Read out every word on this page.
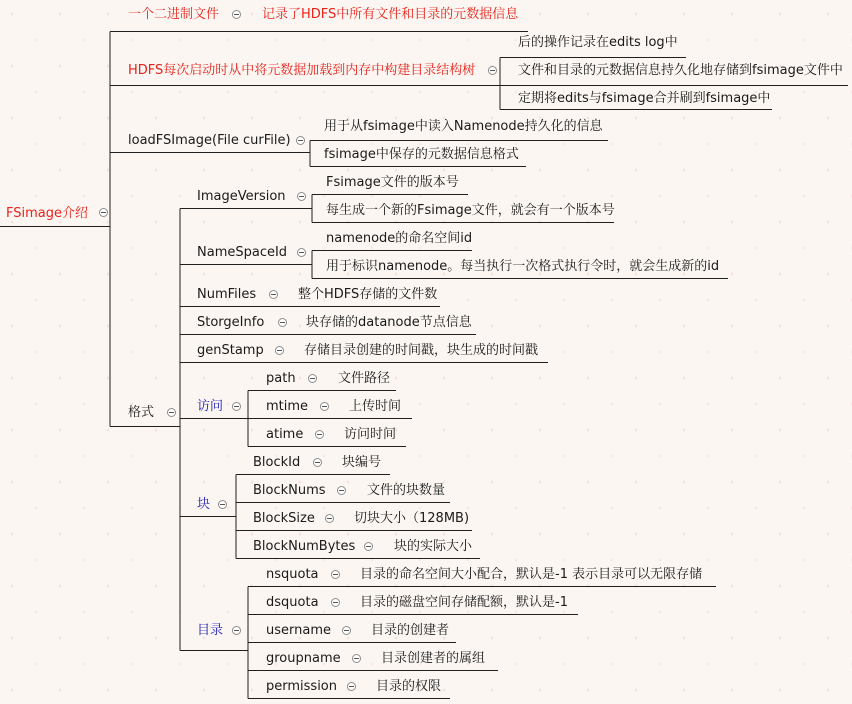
FSimage介绍
一个二进制文件	记录了HDFS中所有文件和目录的元数据信息
HDFS每次启动时从中将元数据加载到内存中构建目录结构树
后的操作记录在edits log中
文件和目录的元数据信息持久化地存储到fsimage文件中
定期将edits与fsimage合并刷到fsimage中
loadFSImage(File curFile)
用于从fsimage中读入Namenode持久化的信息
fsimage中保存的元数据信息格式
格式
ImageVersion
Fsimage文件的版本号
每生成一个新的Fsimage文件，就会有一个版本号
NameSpaceId
namenode的命名空间id
用于标识namenode。每当执行一次格式执行令时，就会生成新的id
NumFiles	整个HDFS存储的文件数
StorgeInfo	块存储的datanode节点信息
genStamp	存储目录创建的时间戳，块生成的时间戳
访问
path	文件路径
mtime	上传时间
atime	访问时间
块
BlockId	块编号
BlockNums	文件的块数量
BlockSize	切块大小（128MB)
BlockNumBytes	块的实际大小
目录
nsquota	目录的命名空间大小配合，默认是-1 表示目录可以无限存储
dsquota	目录的磁盘空间存储配额，默认是-1
username	目录的创建者
groupname	目录创建者的属组
permission	目录的权限
